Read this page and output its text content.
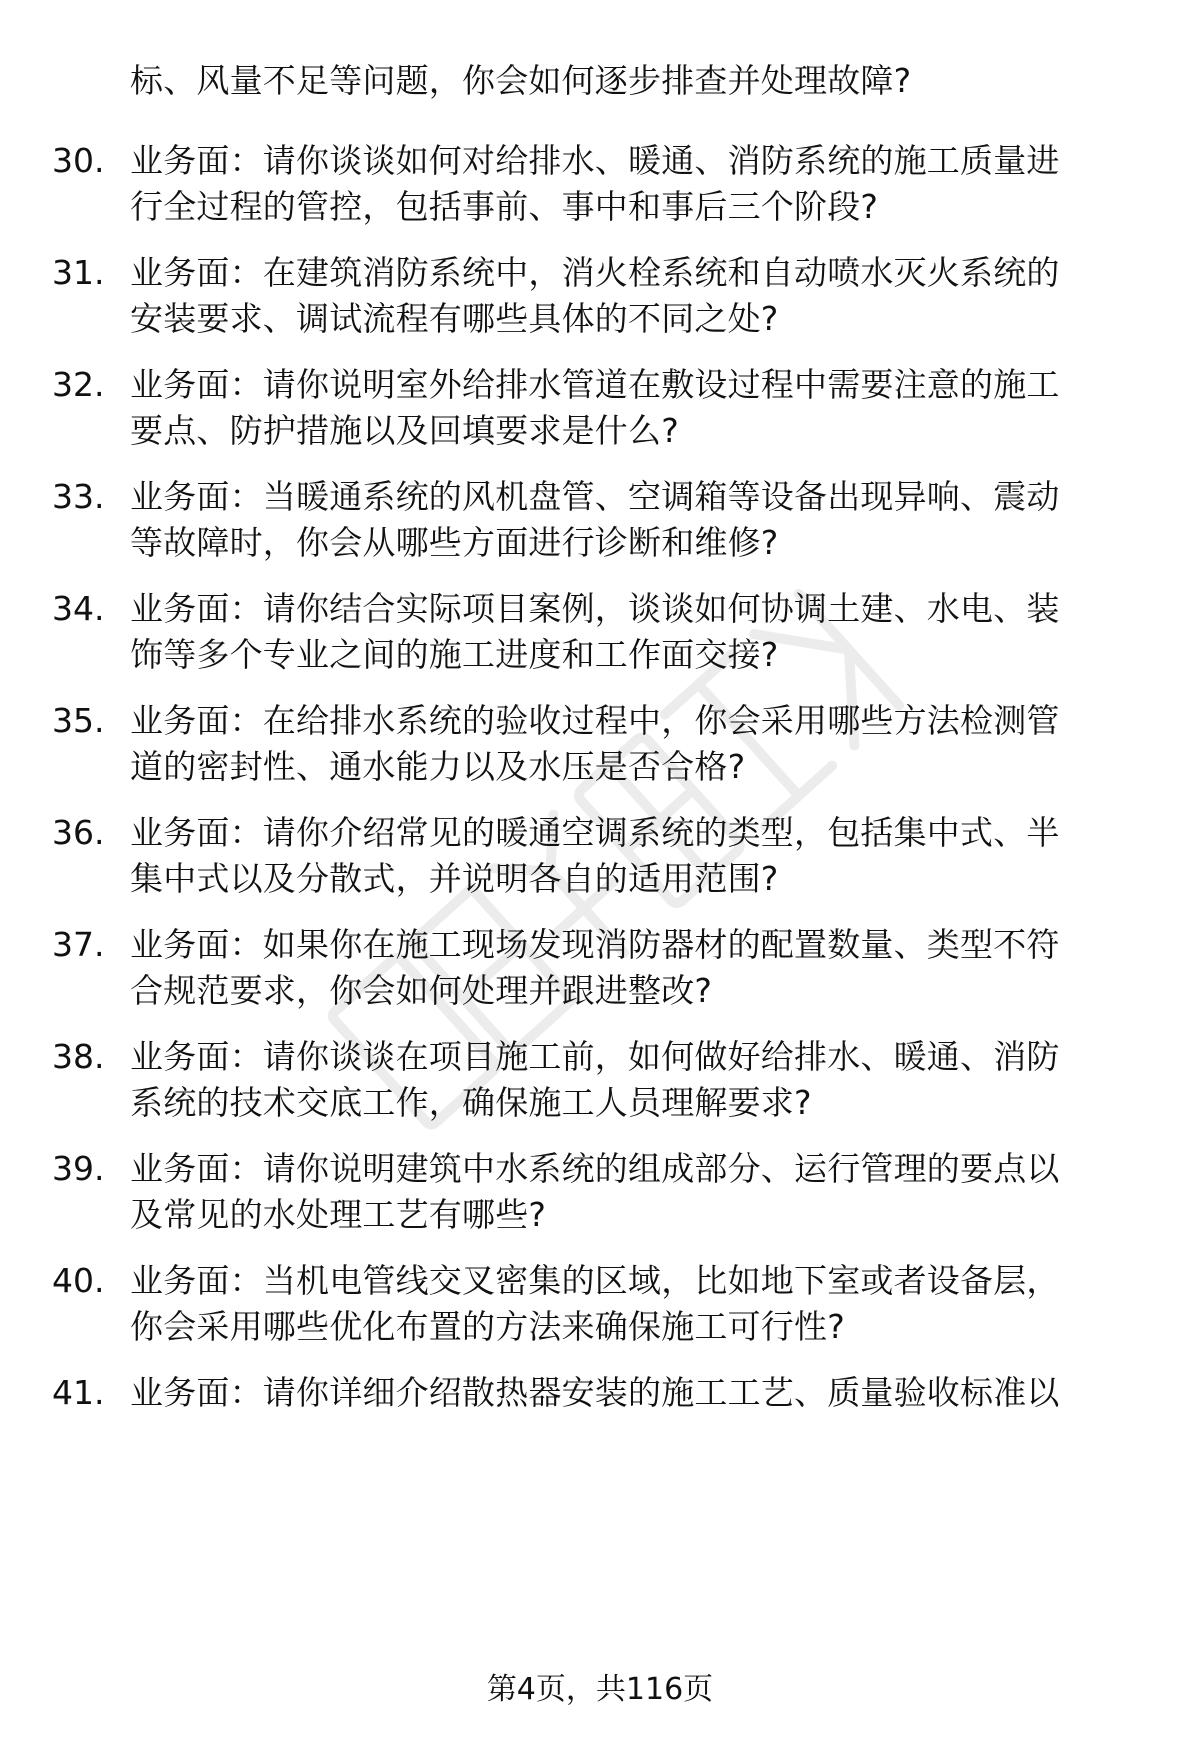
标、风量不足等问题，你会如何逐步排查并处理故障?
30. 业务面：请你谈谈如何对给排水、暖通、消防系统的施工质量进
行全过程的管控，包括事前、事中和事后三个阶段?
31. 业务面：在建筑消防系统中，消火栓系统和自动喷水灭火系统的
安装要求、调试流程有哪些具体的不同之处?
32. 业务面：请你说明室外给排水管道在敷设过程中需要注意的施工
要点、防护措施以及回填要求是什么?
33. 业务面：当暖通系统的风机盘管、空调箱等设备出现异响、震动
等故障时，你会从哪些方面进行诊断和维修?
34. 业务面：请你结合实际项目案例，谈谈如何协调土建、水电、装
饰等多个专业之间的施工进度和工作面交接?
35. 业务面：在给排水系统的验收过程中，你会采用哪些方法检测管
道的密封性、通水能力以及水压是否合格?
36. 业务面：请你介绍常见的暖通空调系统的类型，包括集中式、半
集中式以及分散式，并说明各自的适用范围?
37. 业务面：如果你在施工现场发现消防器材的配置数量、类型不符
合规范要求，你会如何处理并跟进整改?
38. 业务面：请你谈谈在项目施工前，如何做好给排水、暖通、消防
系统的技术交底工作，确保施工人员理解要求?
39. 业务面：请你说明建筑中水系统的组成部分、运行管理的要点以
及常见的水处理工艺有哪些?
40. 业务面：当机电管线交叉密集的区域，比如地下室或者设备层，
你会采用哪些优化布置的方法来确保施工可行性?
41. 业务面：请你详细介绍散热器安装的施工工艺、质量验收标准以
第4页，共116页
